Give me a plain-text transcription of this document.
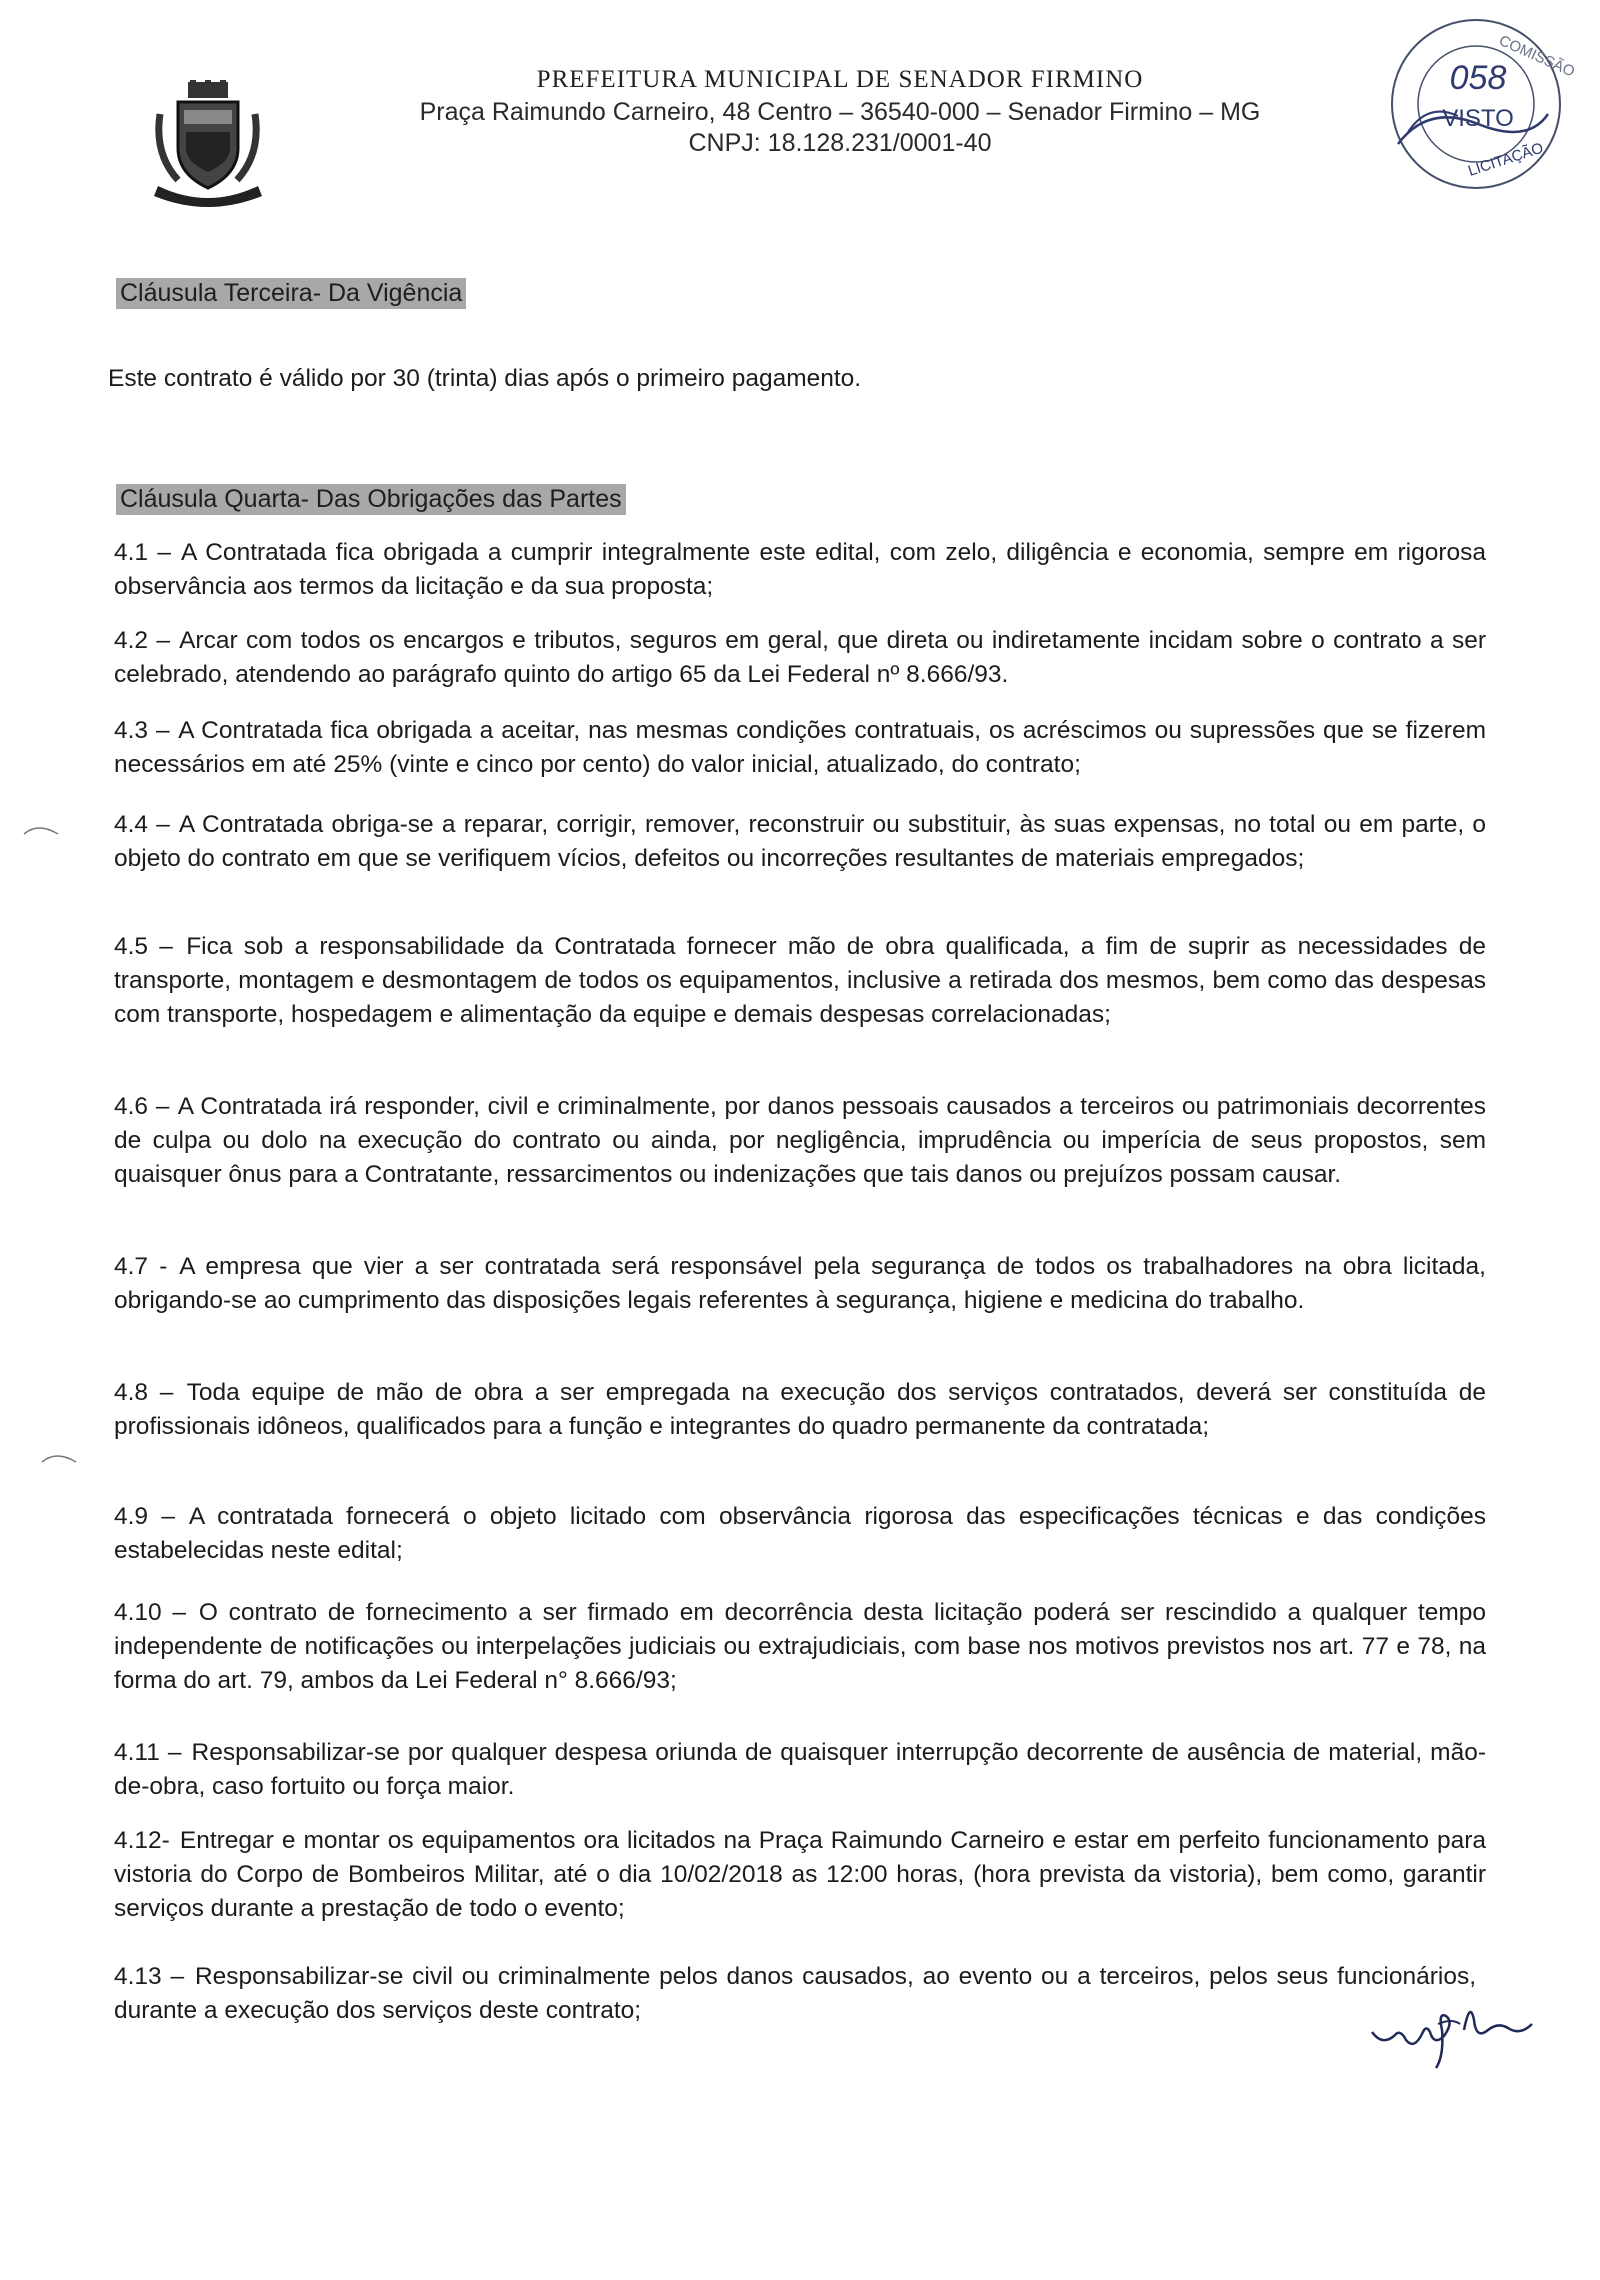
PREFEITURA MUNICIPAL DE SENADOR FIRMINO
Praça Raimundo Carneiro, 48 Centro – 36540-000 – Senador Firmino – MG
CNPJ: 18.128.231/0001-40
COMISSÃO
058
VISTO
LICITAÇÃO
Cláusula Terceira- Da Vigência

Este contrato é válido por 30 (trinta) dias após o primeiro pagamento.

Cláusula Quarta- Das Obrigações das Partes

4.1 – A Contratada fica obrigada a cumprir integralmente este edital, com zelo, diligência e economia, sempre em rigorosa observância aos termos da licitação e da sua proposta;

4.2 – Arcar com todos os encargos e tributos, seguros em geral, que direta ou indiretamente incidam sobre o contrato a ser celebrado, atendendo ao parágrafo quinto do artigo 65 da Lei Federal nº 8.666/93.

4.3 – A Contratada fica obrigada a aceitar, nas mesmas condições contratuais, os acréscimos ou supressões que se fizerem necessários em até 25% (vinte e cinco por cento) do valor inicial, atualizado, do contrato;

4.4 – A Contratada obriga-se a reparar, corrigir, remover, reconstruir ou substituir, às suas expensas, no total ou em parte, o objeto do contrato em que se verifiquem vícios, defeitos ou incorreções resultantes de materiais empregados;

4.5 – Fica sob a responsabilidade da Contratada fornecer mão de obra qualificada, a fim de suprir as necessidades de transporte, montagem e desmontagem de todos os equipamentos, inclusive a retirada dos mesmos, bem como das despesas com transporte, hospedagem e alimentação da equipe e demais despesas correlacionadas;

4.6 – A Contratada irá responder, civil e criminalmente, por danos pessoais causados a terceiros ou patrimoniais decorrentes de culpa ou dolo na execução do contrato ou ainda, por negligência, imprudência ou imperícia de seus propostos, sem quaisquer ônus para a Contratante, ressarcimentos ou indenizações que tais danos ou prejuízos possam causar.

4.7 - A empresa que vier a ser contratada será responsável pela segurança de todos os trabalhadores na obra licitada, obrigando-se ao cumprimento das disposições legais referentes à segurança, higiene e medicina do trabalho.

4.8 – Toda equipe de mão de obra a ser empregada na execução dos serviços contratados, deverá ser constituída de profissionais idôneos, qualificados para a função e integrantes do quadro permanente da contratada;

4.9 – A contratada fornecerá o objeto licitado com observância rigorosa das especificações técnicas e das condições estabelecidas neste edital;

4.10 – O contrato de fornecimento a ser firmado em decorrência desta licitação poderá ser rescindido a qualquer tempo independente de notificações ou interpelações judiciais ou extrajudiciais, com base nos motivos previstos nos art. 77 e 78, na forma do art. 79, ambos da Lei Federal n° 8.666/93;

4.11 – Responsabilizar-se por qualquer despesa oriunda de quaisquer interrupção decorrente de ausência de material, mão-de-obra, caso fortuito ou força maior.

4.12- Entregar e montar os equipamentos ora licitados na Praça Raimundo Carneiro e estar em perfeito funcionamento para vistoria do Corpo de Bombeiros Militar, até o dia 10/02/2018 as 12:00 horas, (hora prevista da vistoria), bem como, garantir serviços durante a prestação de todo o evento;

4.13 – Responsabilizar-se civil ou criminalmente pelos danos causados, ao evento ou a terceiros, pelos seus funcionários, durante a execução dos serviços deste contrato;
